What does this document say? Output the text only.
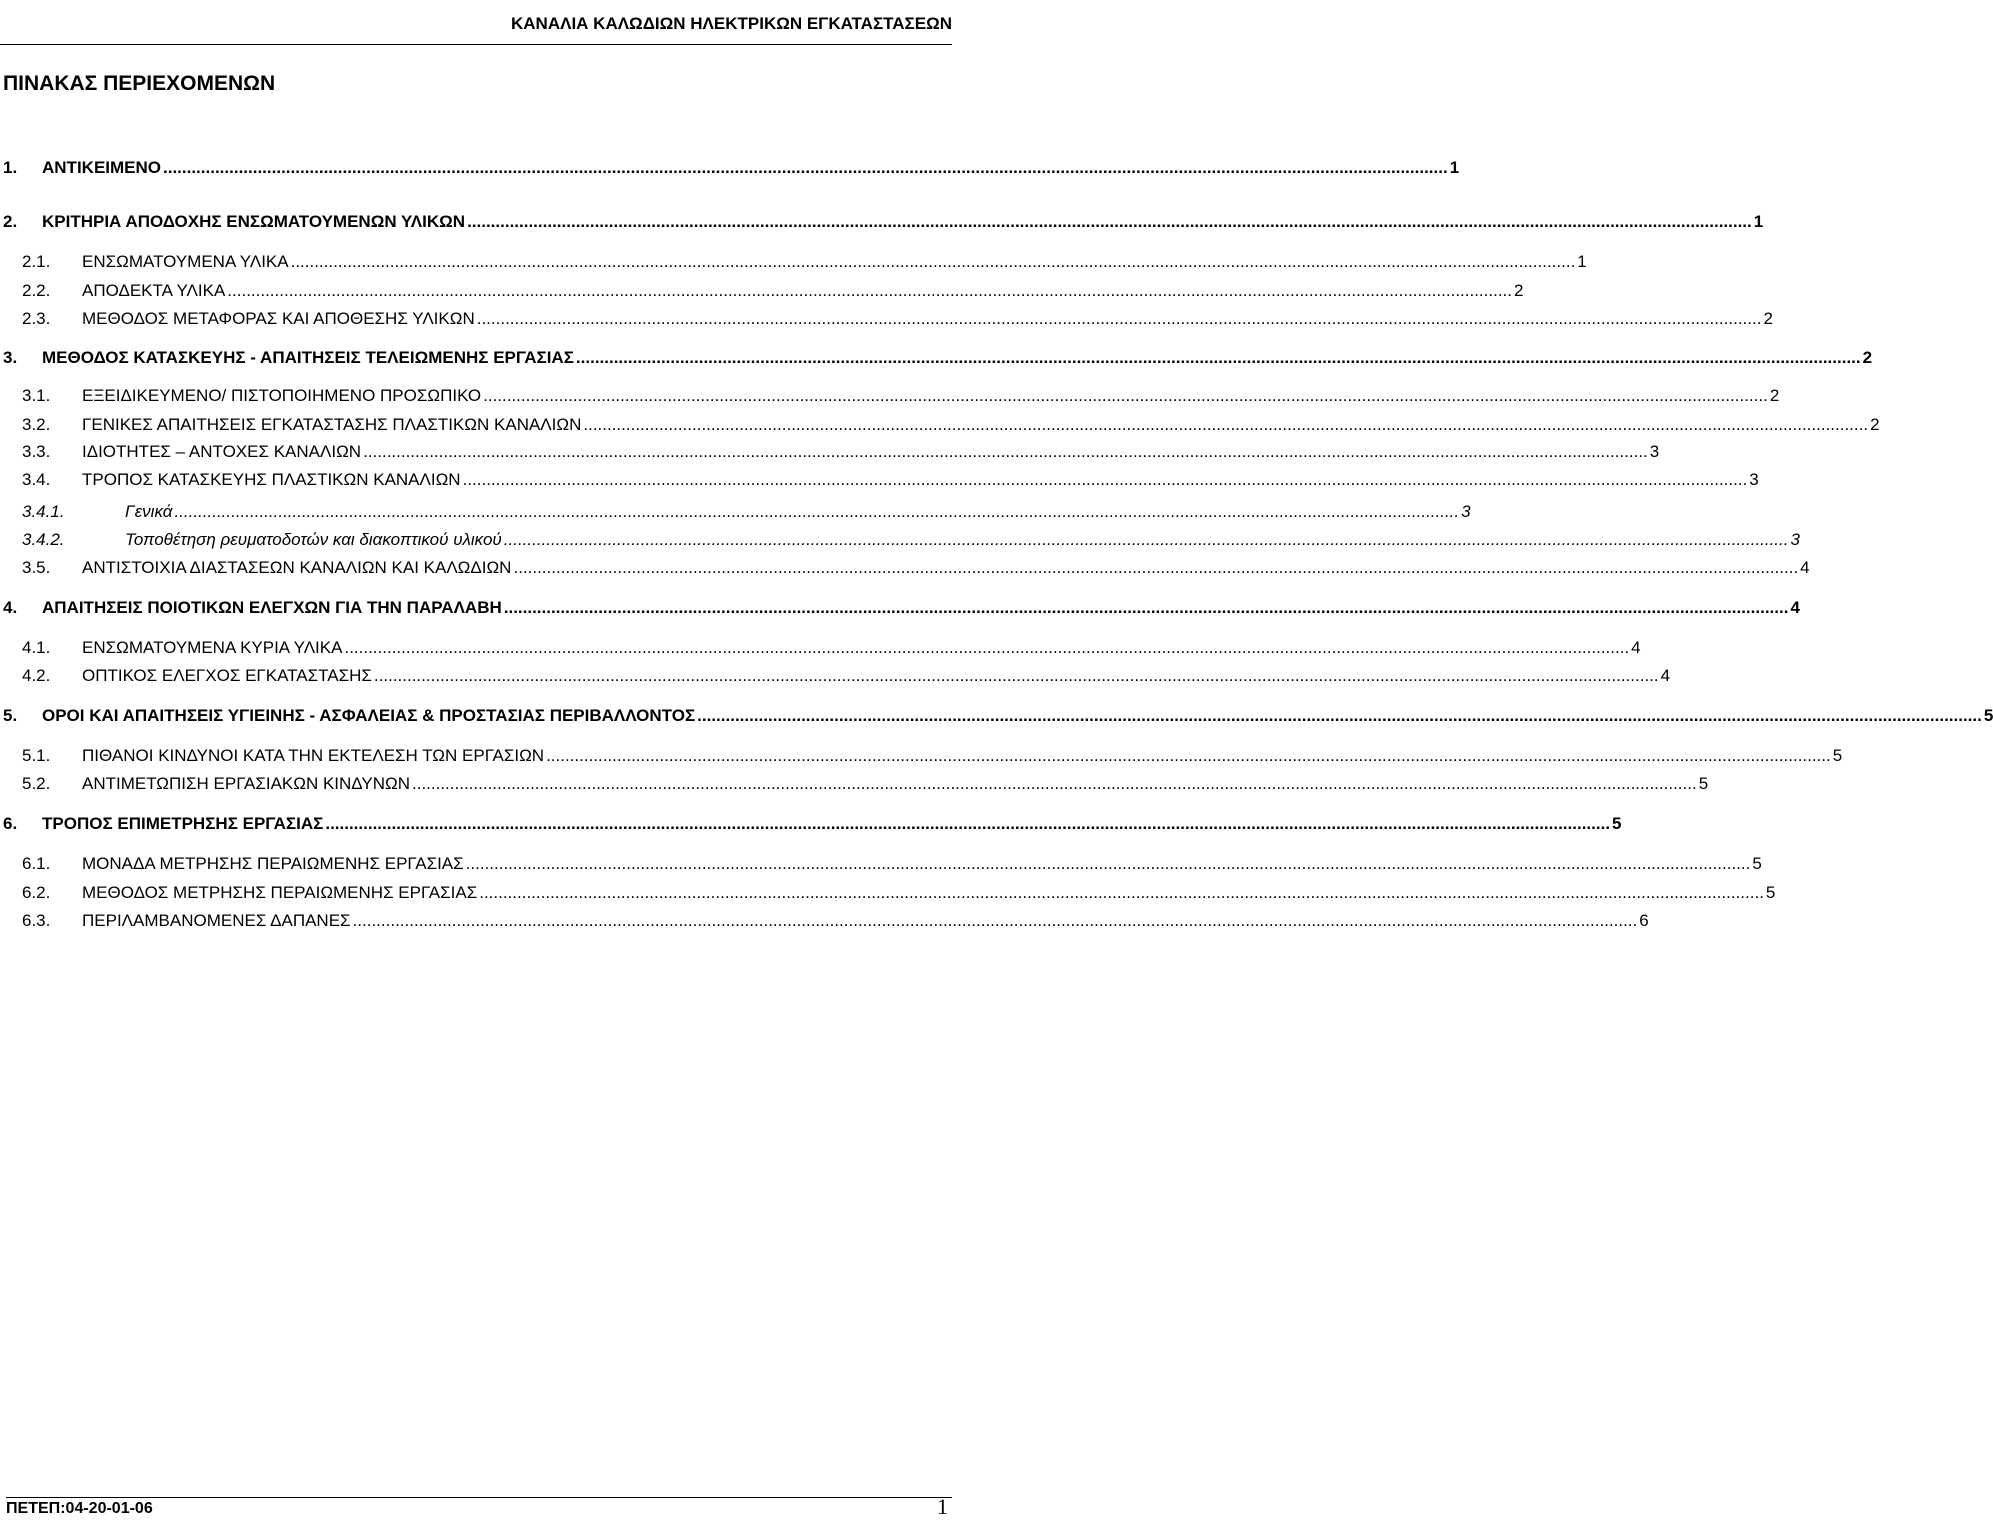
ΚΑΝΑΛΙΑ ΚΑΛΩΔΙΩΝ ΗΛΕΚΤΡΙΚΩΝ ΕΓΚΑΤΑΣΤΑΣΕΩΝ
ΠΙΝΑΚΑΣ ΠΕΡΙΕΧΟΜΕΝΩΝ
1.	ΑΝΤΙΚΕΙΜΕΝΟ .....	1
2.	ΚΡΙΤΗΡΙΑ ΑΠΟΔΟΧΗΣ ΕΝΣΩΜΑΤΟΥΜΕΝΩΝ ΥΛΙΚΩΝ .....	1
2.1.	ΕΝΣΩΜΑΤΟΥΜΕΝΑ ΥΛΙΚΑ .....	1
2.2.	ΑΠΟΔΕΚΤΑ ΥΛΙΚΑ .....	2
2.3.	ΜΕΘΟΔΟΣ ΜΕΤΑΦΟΡΑΣ ΚΑΙ ΑΠΟΘΕΣΗΣ ΥΛΙΚΩΝ .....	2
3.	ΜΕΘΟΔΟΣ ΚΑΤΑΣΚΕΥΗΣ - ΑΠΑΙΤΗΣΕΙΣ ΤΕΛΕΙΩΜΕΝΗΣ ΕΡΓΑΣΙΑΣ .....	2
3.1.	ΕΞΕΙΔΙΚΕΥΜΕΝΟ/ ΠΙΣΤΟΠΟΙΗΜΕΝΟ ΠΡΟΣΩΠΙΚΟ .....	2
3.2.	ΓΕΝΙΚΕΣ ΑΠΑΙΤΗΣΕΙΣ ΕΓΚΑΤΑΣΤΑΣΗΣ ΠΛΑΣΤΙΚΩΝ ΚΑΝΑΛΙΩΝ .....	2
3.3.	ΙΔΙΟΤΗΤΕΣ – ΑΝΤΟΧΕΣ ΚΑΝΑΛΙΩΝ .....	3
3.4.	ΤΡΟΠΟΣ ΚΑΤΑΣΚΕΥΗΣ ΠΛΑΣΤΙΚΩΝ ΚΑΝΑΛΙΩΝ .....	3
3.4.1.	Γενικά .....	3
3.4.2.	Τοποθέτηση ρευματοδοτών και διακοπτικού υλικού .....	3
3.5.	ΑΝΤΙΣΤΟΙΧΙΑ ΔΙΑΣΤΑΣΕΩΝ ΚΑΝΑΛΙΩΝ ΚΑΙ ΚΑΛΩΔΙΩΝ .....	4
4.	ΑΠΑΙΤΗΣΕΙΣ ΠΟΙΟΤΙΚΩΝ ΕΛΕΓΧΩΝ ΓΙΑ ΤΗΝ ΠΑΡΑΛΑΒΗ .....	4
4.1.	ΕΝΣΩΜΑΤΟΥΜΕΝΑ ΚΥΡΙΑ ΥΛΙΚΑ .....	4
4.2.	ΟΠΤΙΚΟΣ ΕΛΕΓΧΟΣ ΕΓΚΑΤΑΣΤΑΣΗΣ .....	4
5.	ΟΡΟΙ ΚΑΙ ΑΠΑΙΤΗΣΕΙΣ ΥΓΙΕΙΝΗΣ - ΑΣΦΑΛΕΙΑΣ & ΠΡΟΣΤΑΣΙΑΣ ΠΕΡΙΒΑΛΛΟΝΤΟΣ .....	5
5.1.	ΠΙΘΑΝΟΙ ΚΙΝΔΥΝΟΙ ΚΑΤΑ ΤΗΝ ΕΚΤΕΛΕΣΗ ΤΩΝ ΕΡΓΑΣΙΩΝ .....	5
5.2.	ΑΝΤΙΜΕΤΩΠΙΣΗ ΕΡΓΑΣΙΑΚΩΝ ΚΙΝΔΥΝΩΝ .....	5
6.	ΤΡΟΠΟΣ ΕΠΙΜΕΤΡΗΣΗΣ ΕΡΓΑΣΙΑΣ .....	5
6.1.	ΜΟΝΑΔΑ ΜΕΤΡΗΣΗΣ ΠΕΡΑΙΩΜΕΝΗΣ ΕΡΓΑΣΙΑΣ .....	5
6.2.	ΜΕΘΟΔΟΣ ΜΕΤΡΗΣΗΣ ΠΕΡΑΙΩΜΕΝΗΣ ΕΡΓΑΣΙΑΣ .....	5
6.3.	ΠΕΡΙΛΑΜΒΑΝΟΜΕΝΕΣ ΔΑΠΑΝΕΣ .....	6
ΠΕΤΕΠ:04-20-01-06	1
